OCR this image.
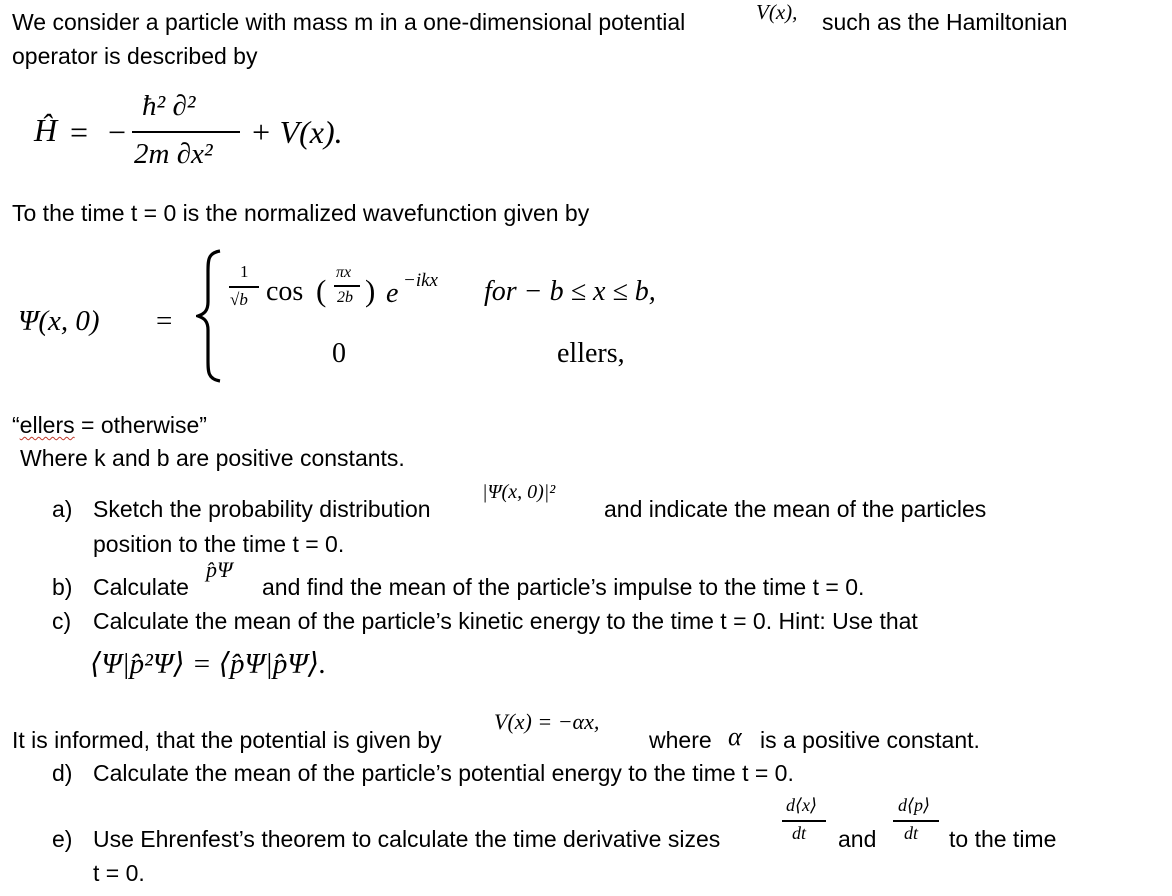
We consider a particle with mass m in a one-dimensional potential	V(x), such as the Hamiltonian
operator is described by
Ĥ = −
ħ² ∂²
2m ∂x²
+ V(x).
To the time t = 0 is the normalized wavefunction given by
Ψ(x, 0) =
1
√b cos (
πx
2b ) e −ikx for − b ≤ x ≤ b,
0	ellers,
“ellers = otherwise”
Where k and b are positive constants.
a) Sketch the probability distribution
|Ψ(x, 0)|²
and indicate the mean of the particles
position to the time t = 0.
b) Calculate
p̂Ψ
and find the mean of the particle’s impulse to the time t = 0.
c) Calculate the mean of the particle’s kinetic energy to the time t = 0. Hint: Use that
⟨Ψ|p̂²Ψ⟩ = ⟨p̂Ψ|p̂Ψ⟩.
It is informed, that the potential is given by
V(x) = −αx,
where α is a positive constant.
d) Calculate the mean of the particle’s potential energy to the time t = 0.
e) Use Ehrenfest’s theorem to calculate the time derivative sizes
d⟨x⟩
dt and
d⟨p⟩
dt to the time
t = 0.
